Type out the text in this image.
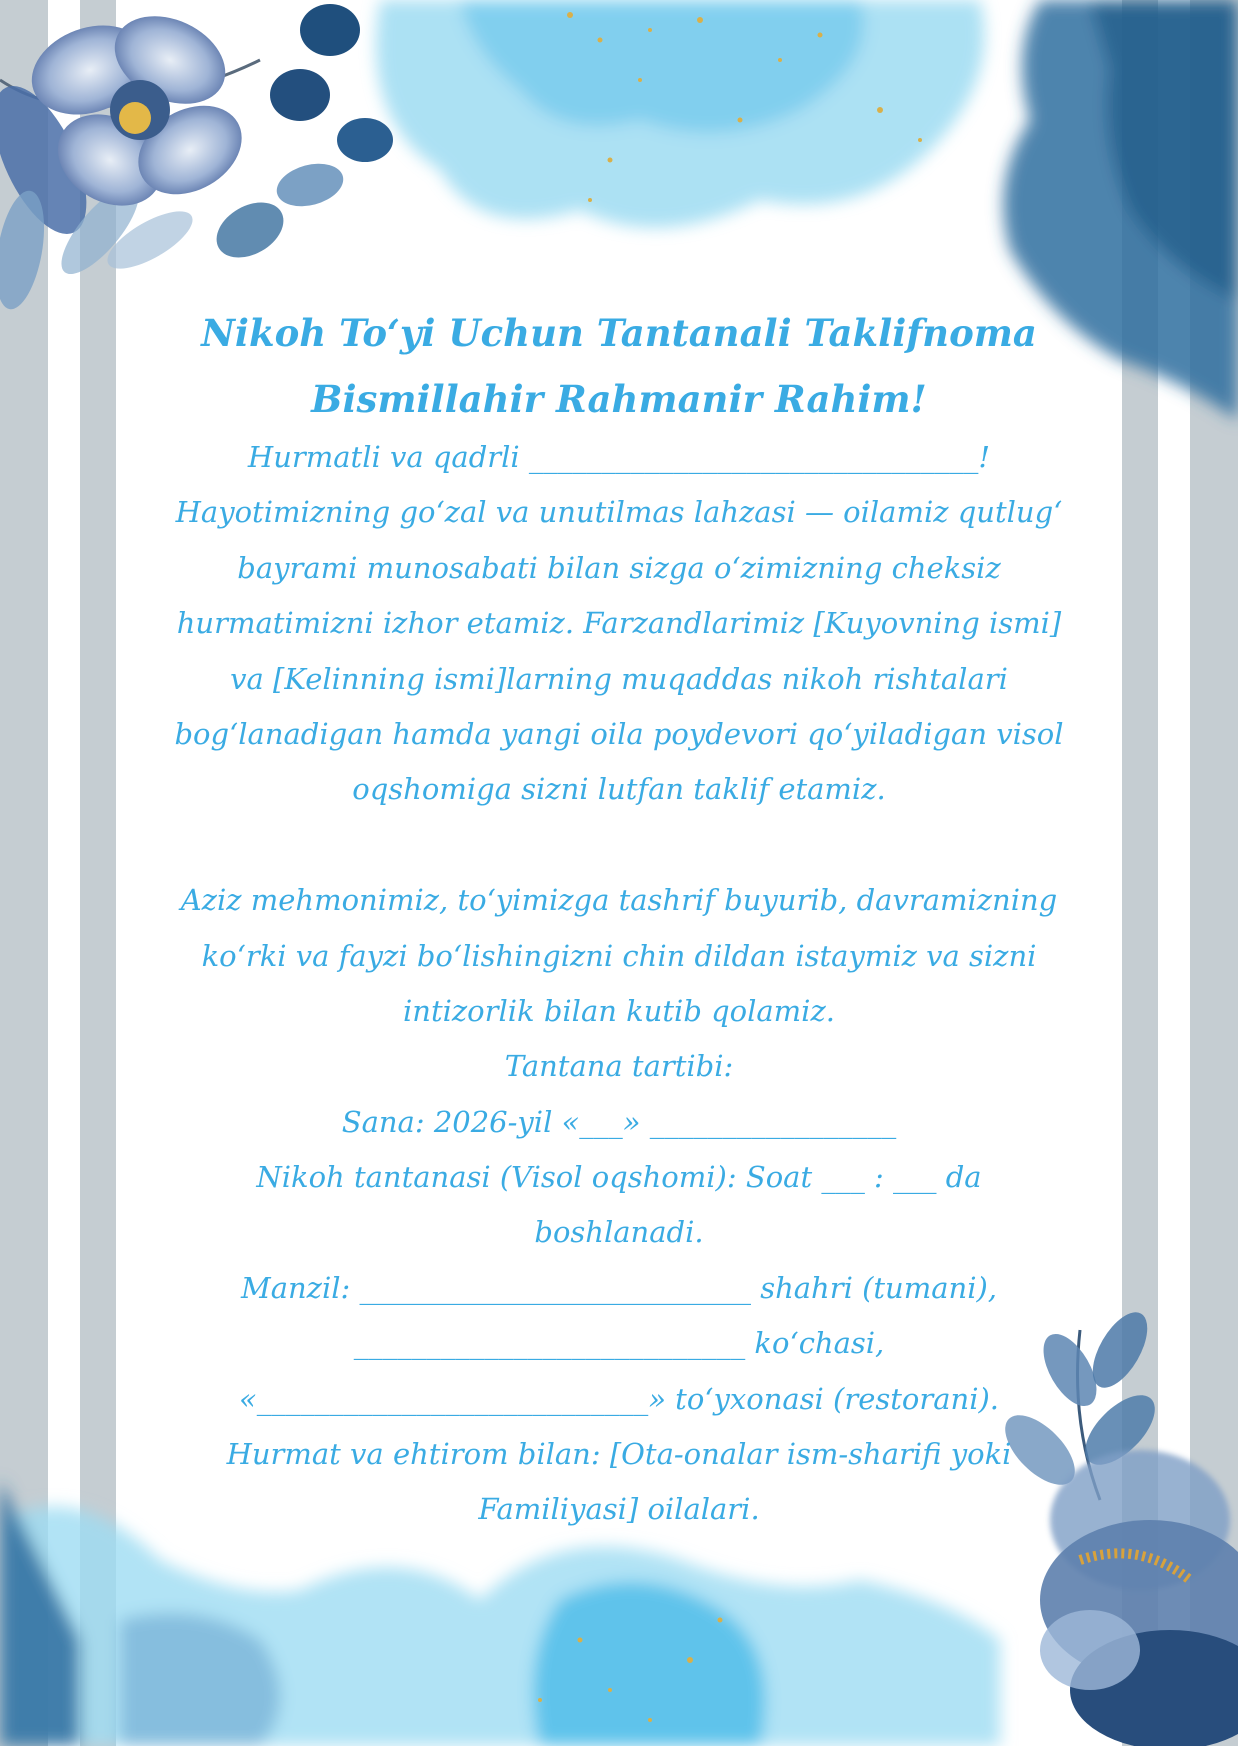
Nikoh To‘yi Uchun Tantanali Taklifnoma
Bismillahir Rahmanir Rahim!
Hurmatli va qadrli _______________________________!
Hayotimizning go‘zal va unutilmas lahzasi — oilamiz qutlug‘
bayrami munosabati bilan sizga o‘zimizning cheksiz
hurmatimizni izhor etamiz. Farzandlarimiz [Kuyovning ismi]
va [Kelinning ismi]larning muqaddas nikoh rishtalari
bog‘lanadigan hamda yangi oila poydevori qo‘yiladigan visol
oqshomiga sizni lutfan taklif etamiz.
Aziz mehmonimiz, to‘yimizga tashrif buyurib, davramizning
ko‘rki va fayzi bo‘lishingizni chin dildan istaymiz va sizni
intizorlik bilan kutib qolamiz.
Tantana tartibi:
Sana: 2026-yil «___» _________________
Nikoh tantanasi (Visol oqshomi): Soat ___ : ___ da
boshlanadi.
Manzil: ___________________________ shahri (tumani),
___________________________ ko‘chasi,
«___________________________» to‘yxonasi (restorani).
Hurmat va ehtirom bilan: [Ota-onalar ism-sharifi yoki
Familiyasi] oilalari.
